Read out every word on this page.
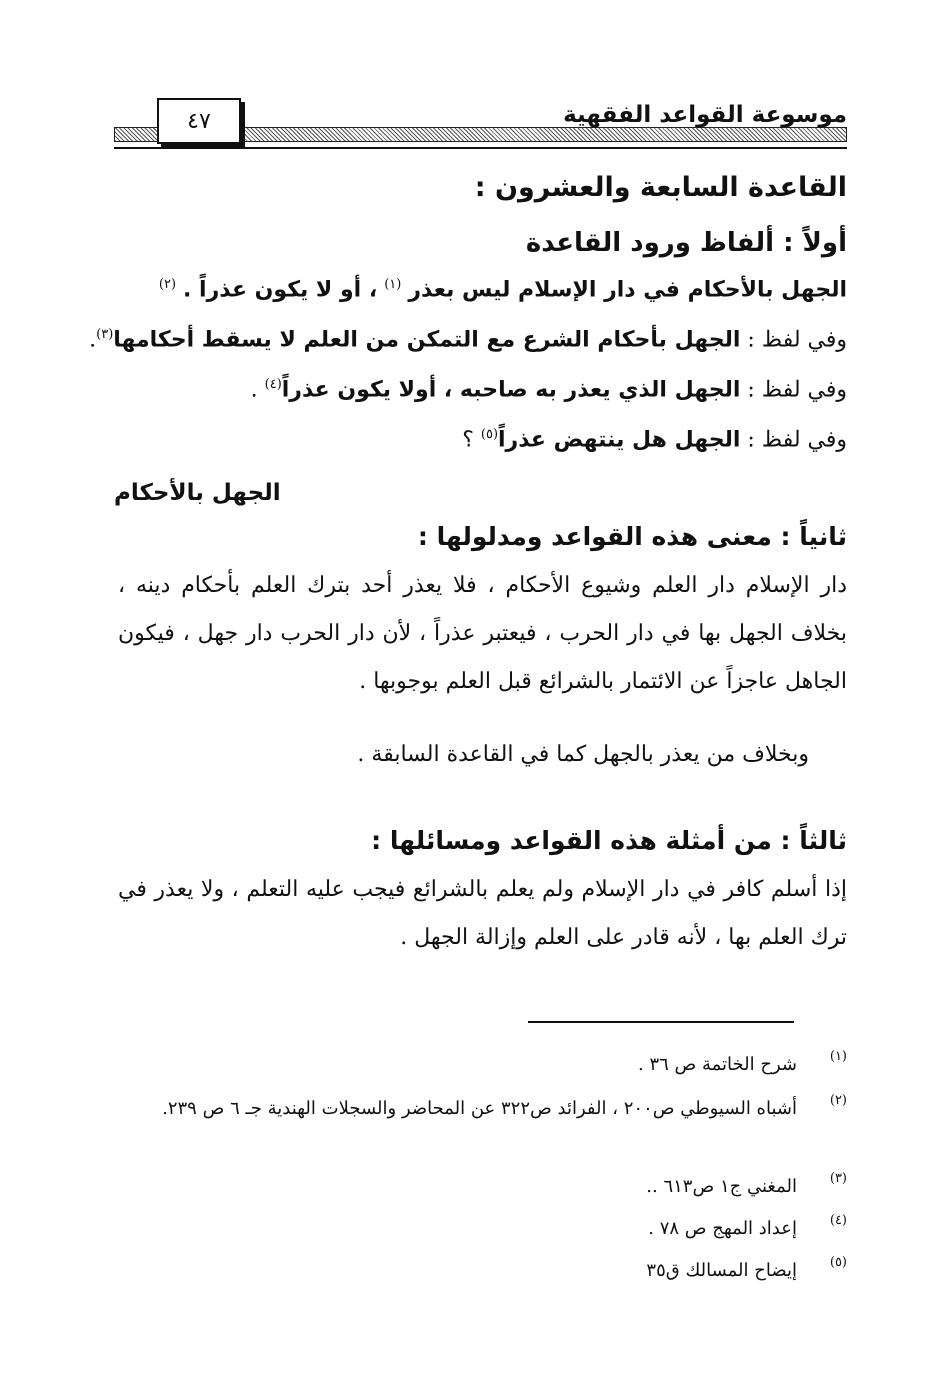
موسوعة القواعد الفقهية
٤٧
القاعدة السابعة والعشرون :
أولاً : ألفاظ ورود القاعدة
الجهل بالأحكام في دار الإسلام ليس بعذر $^{(١)}$ ، أو لا يكون عذراً . $^{(٢)}$
وفي لفظ : الجهل بأحكام الشرع مع التمكن من العلم لا يسقط أحكامها$^{(٣)}$.
وفي لفظ : الجهل الذي يعذر به صاحبه ، أولا يكون عذراً$^{(٤)}$ .
وفي لفظ : الجهل هل ينتهض عذراً$^{(٥)}$ ؟
الجهل بالأحكام
ثانياً : معنى هذه القواعد ومدلولها :
دار الإسلام دار العلم وشيوع الأحكام ، فلا يعذر أحد بترك العلم بأحكام دينه ، بخلاف الجهل بها في دار الحرب ، فيعتبر عذراً ، لأن دار الحرب دار جهل ، فيكون الجاهل عاجزاً عن الائتمار بالشرائع قبل العلم بوجوبها .
وبخلاف من يعذر بالجهل كما في القاعدة السابقة .
ثالثاً : من أمثلة هذه القواعد ومسائلها :
إذا أسلم كافر في دار الإسلام ولم يعلم بالشرائع فيجب عليه التعلم ، ولا يعذر في ترك العلم بها ، لأنه قادر على العلم وإزالة الجهل .
(١)
شرح الخاتمة ص ٣٦ .
(٢)
أشباه السيوطي ص٢٠٠ ، الفرائد ص٣٢٢ عن المحاضر والسجلات الهندية جـ ٦ ص ٢٣٩.
(٣)
المغني ج١ ص٦١٣ ..
(٤)
إعداد المهج ص ٧٨ .
(٥)
إيضاح المسالك ق٣٥
